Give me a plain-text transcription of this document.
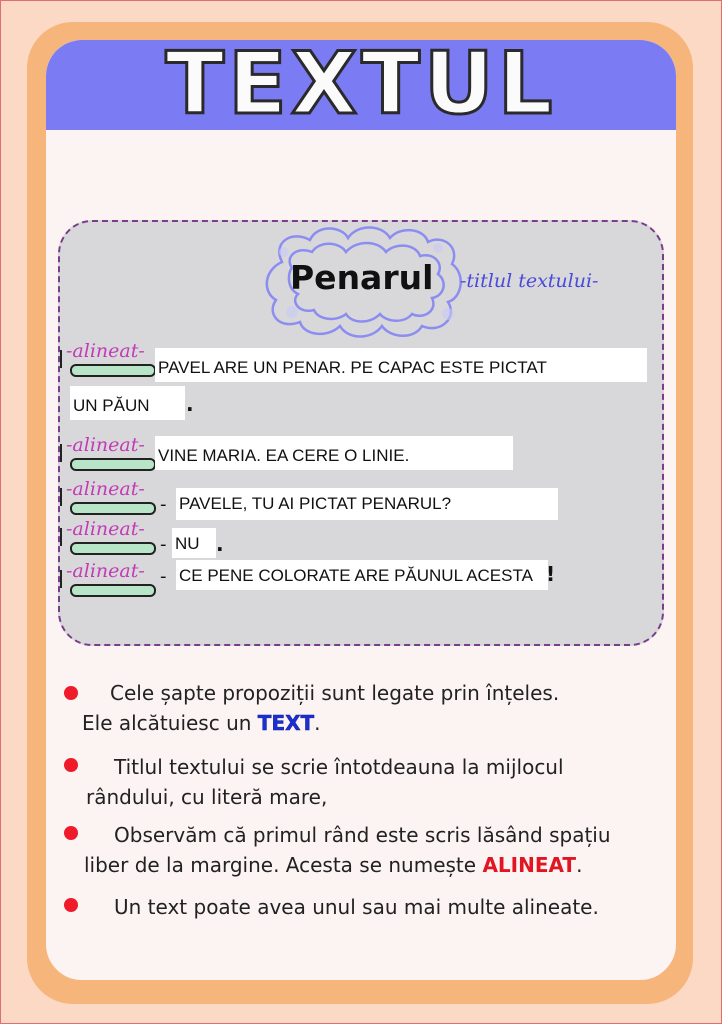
TEXTUL
Penarul -titlul textului-
-alineat-
PAVEL ARE UN PENAR. PE CAPAC ESTE PICTAT
UN PĂUN .
-alineat- VINE MARIA. EA CERE O LINIE.
-alineat-
- PAVELE, TU AI PICTAT PENARUL?
-alineat-
- NU .
-alineat- - CE PENE COLORATE ARE PĂUNUL ACESTA !
Cele șapte propoziții sunt legate prin înțeles.
Ele alcătuiesc un TEXT.
Titlul textului se scrie întotdeauna la mijlocul
rândului, cu literă mare,
Observăm că primul rând este scris lăsând spațiu
liber de la margine. Acesta se numește ALINEAT.
Un text poate avea unul sau mai multe alineate.
